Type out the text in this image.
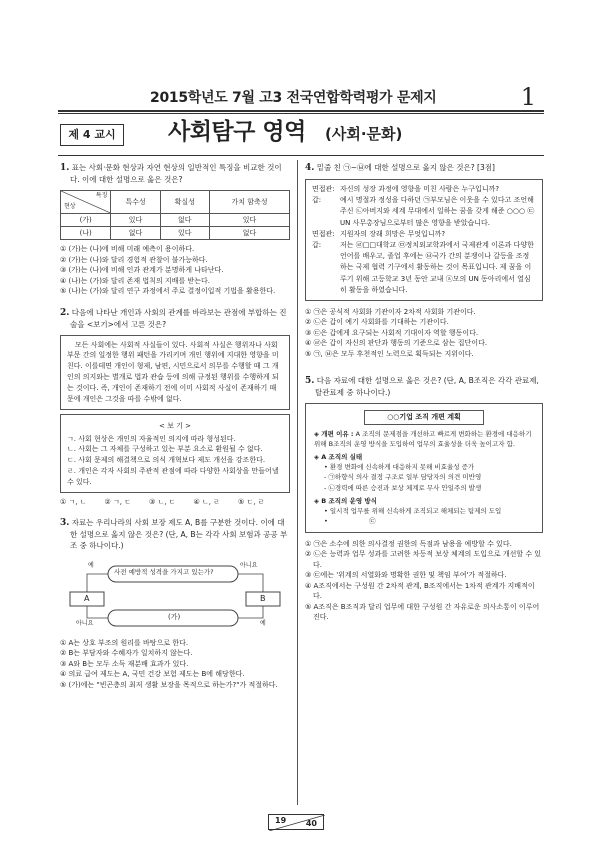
2015학년도 7월 고3 전국연합학력평가 문제지	1
제 4 교시	사회탐구 영역 (사회·문화)
1. 표는 사회·문화 현상과 자연 현상의 일반적인 특징을 비교한 것이다. 이에 대한 설명으로 옳은 것은?
특징
현상	특수성	확실성	가치 함축성
(가)	있다	없다	있다
(나)	없다	있다	없다
① (가)는 (나)에 비해 미래 예측이 용이하다.
② (가)는 (나)와 달리 경험적 관찰이 불가능하다.
③ (가)는 (나)에 비해 인과 관계가 분명하게 나타난다.
④ (나)는 (가)와 달리 존재 법칙의 지배를 받는다.
⑤ (나)는 (가)와 달리 연구 과정에서 주로 결정이입적 기법을 활용한다.
2. 다음에 나타난 개인과 사회의 관계를 바라보는 관점에 부합하는 진술을 <보기>에서 고른 것은?

모든 사회에는 사회적 사실들이 있다. 사회적 사실은 행위자나 사회 부문 간의 일정한 행위 패턴을 가리키며 개인 행위에 지대한 영향을 미친다. 이를테면 개인이 형제, 남편, 시민으로서 의무를 수행할 때 그 개인의 의지와는 별개로 법과 관습 등에 의해 규정된 행위를 수행하게 되는 것이다. 즉, 개인이 존재하기 전에 이미 사회적 사실이 존재하기 때문에 개인은 그것을 따를 수밖에 없다.

< 보 기 >
ㄱ. 사회 현상은 개인의 자율적인 의지에 따라 형성된다.
ㄴ. 사회는 그 자체를 구성하고 있는 부분 요소로 환원될 수 없다.
ㄷ. 사회 문제의 해결책으로 의식 개혁보다 제도 개선을 강조한다.
ㄹ. 개인은 각자 사회의 주관적 관점에 따라 다양한 사회상을 만들어낼 수 있다.
① ㄱ, ㄴ	② ㄱ, ㄷ	③ ㄴ, ㄷ	④ ㄴ, ㄹ	⑤ ㄷ, ㄹ
3. 자료는 우리나라의 사회 보장 제도 A, B를 구분한 것이다. 이에 대한 설명으로 옳지 않은 것은? (단, A, B는 각각 사회 보험과 공공 부조 중 하나이다.)
예
사전 예방적 성격을 가지고 있는가?
아니요
A	B
아니요
(가)
예
① A는 상호 부조의 원리를 바탕으로 한다.
② B는 부담자와 수혜자가 일치하지 않는다.
③ A와 B는 모두 소득 재분배 효과가 있다.
④ 의료 급여 제도는 A, 국민 건강 보험 제도는 B에 해당한다.
⑤ (가)에는 "빈곤층의 최저 생활 보장을 목적으로 하는가?"가 적절하다.
4. 밑줄 친 ㉠~㉥에 대한 설명으로 옳지 않은 것은? [3점]
면접관: 자신의 성장 과정에 영향을 미친 사람은 누구입니까?
갑:	예시 명절과 정성을 다하던 ㉠부모님은 이웃을 수 있다고 조언해주신 ㉡아버지와 세계 무대에서 일하는 꿈을 갖게 해준 ○○○ ㉢UN 사무총장님으로부터 많은 영향을 받았습니다.
면접관: 지원자의 장래 희망은 무엇입니까?
갑:	저는 ㉣□□대학교 ㉤정치외교학과에서 국제관계 이론과 다양한 언어를 배우고, 졸업 후에는 ㉥국가 간의 분쟁이나 갈등을 조정하는 국제 협력 기구에서 활동하는 것이 목표입니다. 제 꿈을 이루기 위해 고등학교 3년 동안 교내 ⓐ모의 UN 동아리에서 열심히 활동을 하였습니다.
① ㉠은 공식적 사회화 기관이자 2차적 사회화 기관이다.
② ㉡은 갑이 예기 사회화를 기대하는 기관이다.
③ ㉢은 갑에게 요구되는 사회적 기대이자 역할 행동이다.
④ ㉣은 갑이 자신의 판단과 행동의 기준으로 삼는 집단이다.
⑤ ㉠, ㉥은 모두 후천적인 노력으로 획득되는 지위이다.
5. 다음 자료에 대한 설명으로 옳은 것은? (단, A, B조직은 각각 관료제, 탈관료제 중 하나이다.)
○○기업 조직 개편 계획
◈ 개편 이유 : A 조직의 문제점을 개선하고 빠르게 변화하는 환경에 대응하기 위해 B조직의 운영 방식을 도입하여 업무의 효율성을 더욱 높이고자 함.
◈ A 조직의 실태
• 환경 변화에 신속하게 대응하지 못해 비효율성 증가
- ㉠하향식 의사 결정 구조로 일부 담당자의 의견 미반영
- ㉡경력에 따른 승진과 보상 체계로 무사 안일주의 발생
◈ B 조직의 운영 방식
• 일시적 업무를 위해 신속하게 조직되고 해체되는 팀제의 도입
•                    ㉢
① ㉠은 소수에 의한 의사결정 권한의 독점과 남용을 예방할 수 있다.
② ㉡은 능력과 업무 성과를 고려한 차등적 보상 체계의 도입으로 개선할 수 있다.
③ ㉢에는 '위계의 서열화와 명확한 권한 및 책임 부여'가 적절하다.
④ A조직에서는 구성원 간 2차적 관계, B조직에서는 1차적 관계가 지배적이다.
⑤ A조직은 B조직과 달리 업무에 대한 구성원 간 자유로운 의사소통이 이루어진다.
19 40
